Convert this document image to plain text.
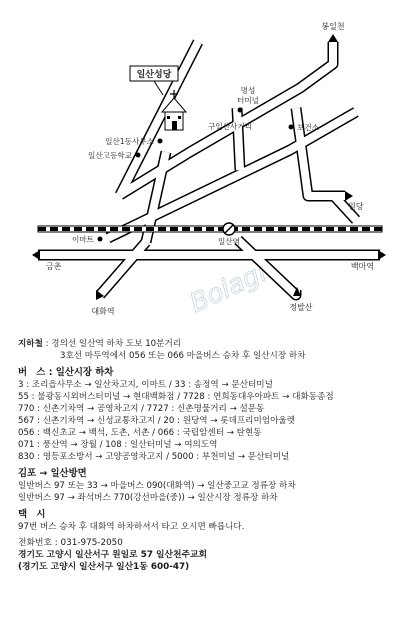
Boiagi
일산성당
봉일천
명성
터미널
구일산사거리	보건소
일산1동사무소
일산고등학교
원당
이마트	일산역
금촌	백마역
대화역	정발산
지하철 : 경의선 일산역 하차 도보 10분거리
3호선 마두역에서 056 또는 066 마을버스 승차 후 일산시장 하차
버　스 : 일산시장 하차
3 : 조리읍사무소 → 일산차고지, 이마트 / 33 : 송정역 → 문산터미널
55 : 불광동시외버스터미널 → 현대백화점 / 7728 : 연희동대우아파트 → 대화동종점
770 : 신촌기차역 → 공영차고지 / 7727 : 신촌명물거리 → 설문동
567 : 신촌기차역 → 신성교통차고지 / 20 : 원당역 → 롯데프리미엄아울렛
056 : 백신초교 → 백석, 도촌, 서촌 / 066 : 국립암센터 → 탄현동
071 : 풍산역 → 장월 / 108 : 일산터미널 → 여의도역
830 : 영등포소방서 → 고양공영차고지 / 5000 : 부천미널 → 문산터미널
김포 → 일산방면
일반버스 97 또는 33 → 마을버스 090(대화역) → 일산중고교 정류장 하차
일반버스 97 → 좌석버스 770(강선마을(중)) → 일산시장 정류장 하차
택　시
97번 버스 승차 후 대화역 하차하셔서 타고 오시면 빠릅니다.
전화번호 : 031-975-2050
경기도 고양시 일산서구 원일로 57 일산천주교회
(경기도 고양시 일산서구 일산1동 600-47)
